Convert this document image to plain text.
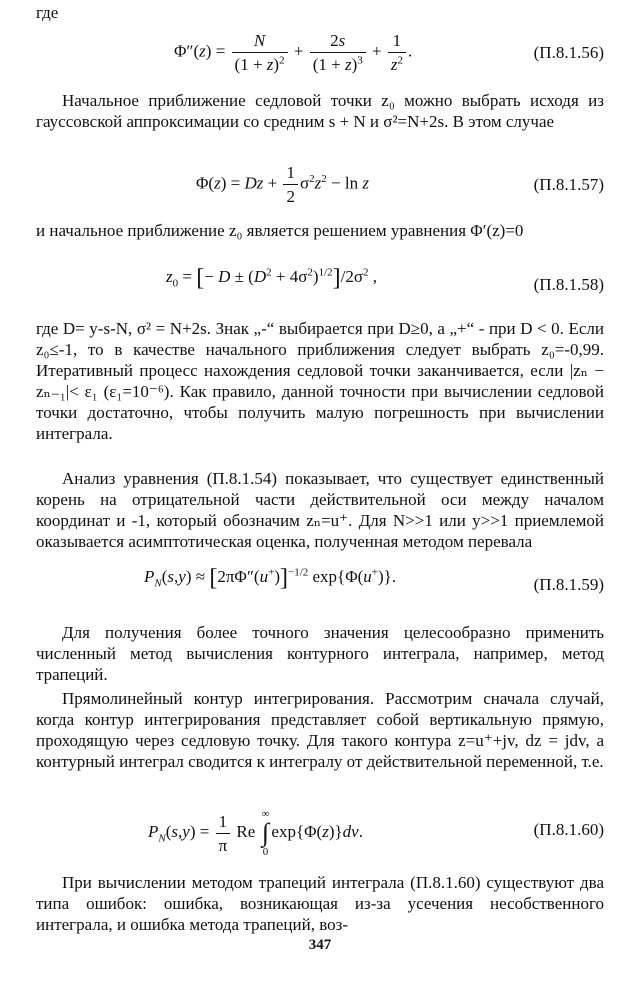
где
$\Phi''(z) = \frac{N}{(1 + z)^2} + \frac{2s}{(1 + z)^3} + \frac{1}{z^2}$ .	(П.8.1.56)
Начальное приближение седловой точки z₀ можно выбрать исходя из гауссовской аппроксимации со средним s + N и σ²=N+2s. В этом случае
$\Phi(z) = Dz + \frac{1}{2} \sigma^2z^2 - \ln z$	(П.8.1.57)
и начальное приближение z₀ является решением уравнения Φ′(z)=0
$z_0$ = [− $D \pm (D^2 + 4\sigma^2)^{1/2}]/2\sigma^2$ ,	(П.8.1.58)
где D= y-s-N, σ² = N+2s. Знак „-“ выбирается при D≥0, а „+“ - при D < 0. Если z₀≤-1, то в качестве начального приближения следует выбрать z₀=-0,99. Итеративный процесс нахождения седловой точки заканчивается, если |zₙ − zₙ₋₁|< ε₁ (ε₁=10⁻⁶). Как правило, данной точности при вычислении седловой точки достаточно, чтобы получить малую погрешность при вычислении интеграла.
Анализ уравнения (П.8.1.54) показывает, что существует единственный корень на отрицательной части действительной оси между началом координат и -1, который обозначим zₙ=u⁺. Для N>>1 или y>>1 приемлемой оказывается асимптотическая оценка, полученная методом перевала
$P_N(s,y) \approx [2\pi\Phi''(u^+)]^{-1/2}$ exp{Φ(u+)}.	(П.8.1.59)
Для получения более точного значения целесообразно применить численный метод вычисления контурного интеграла, например, метод трапеций.
Прямолинейный контур интегрирования. Рассмотрим сначала случай, когда контур интегрирования представляет собой вертикальную прямую, проходящую через седловую точку. Для такого контура z=u⁺+jv, dz = jdv, а контурный интеграл сводится к интегралу от действительной переменной, т.е.
$P_N(s,y) = \frac{1}{\pi}$ Re
∞
∫
0
exp{Φ(z)}dv.	(П.8.1.60)
При вычислении методом трапеций интеграла (П.8.1.60) существуют два типа ошибок: ошибка, возникающая из-за усечения несобственного интеграла, и ошибка метода трапеций, воз-
347
